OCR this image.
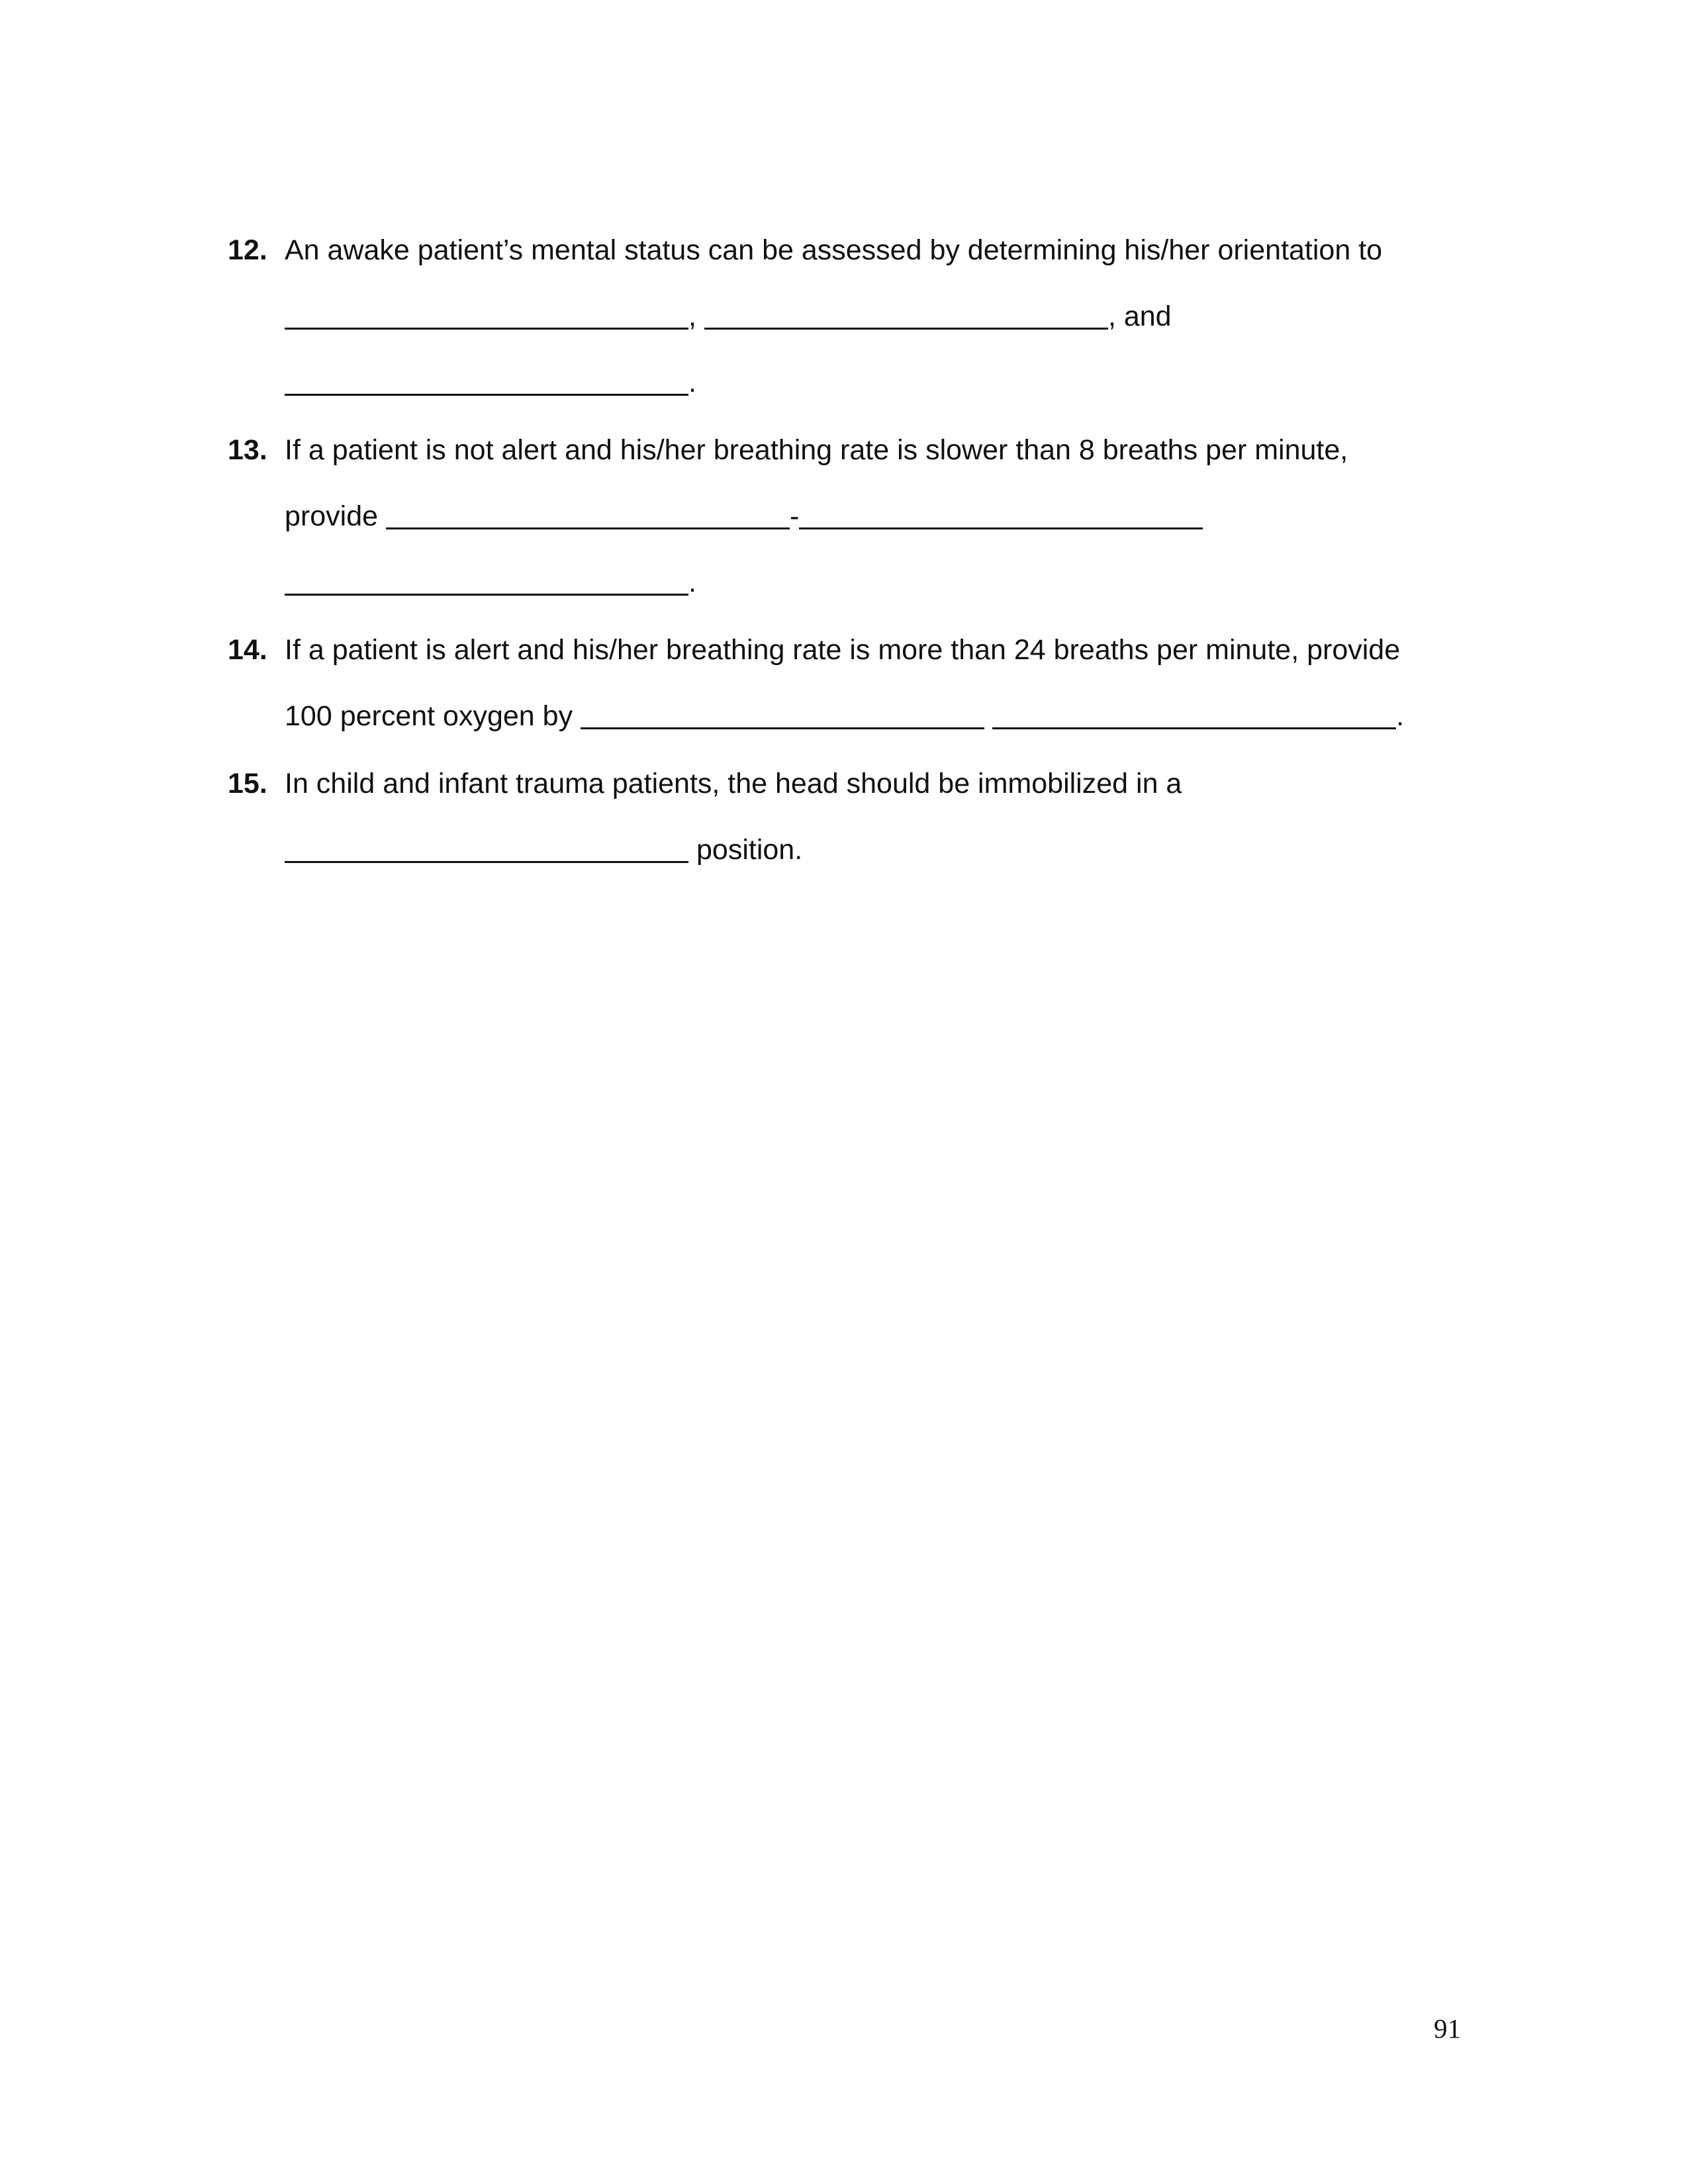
12. An awake patient’s mental status can be assessed by determining his/her orientation to
,	, and
.
13. If a patient is not alert and his/her breathing rate is slower than 8 breaths per minute,
provide	-
.
14. If a patient is alert and his/her breathing rate is more than 24 breaths per minute, provide
100 percent oxygen by	.
15. In child and infant trauma patients, the head should be immobilized in a
position.
91
